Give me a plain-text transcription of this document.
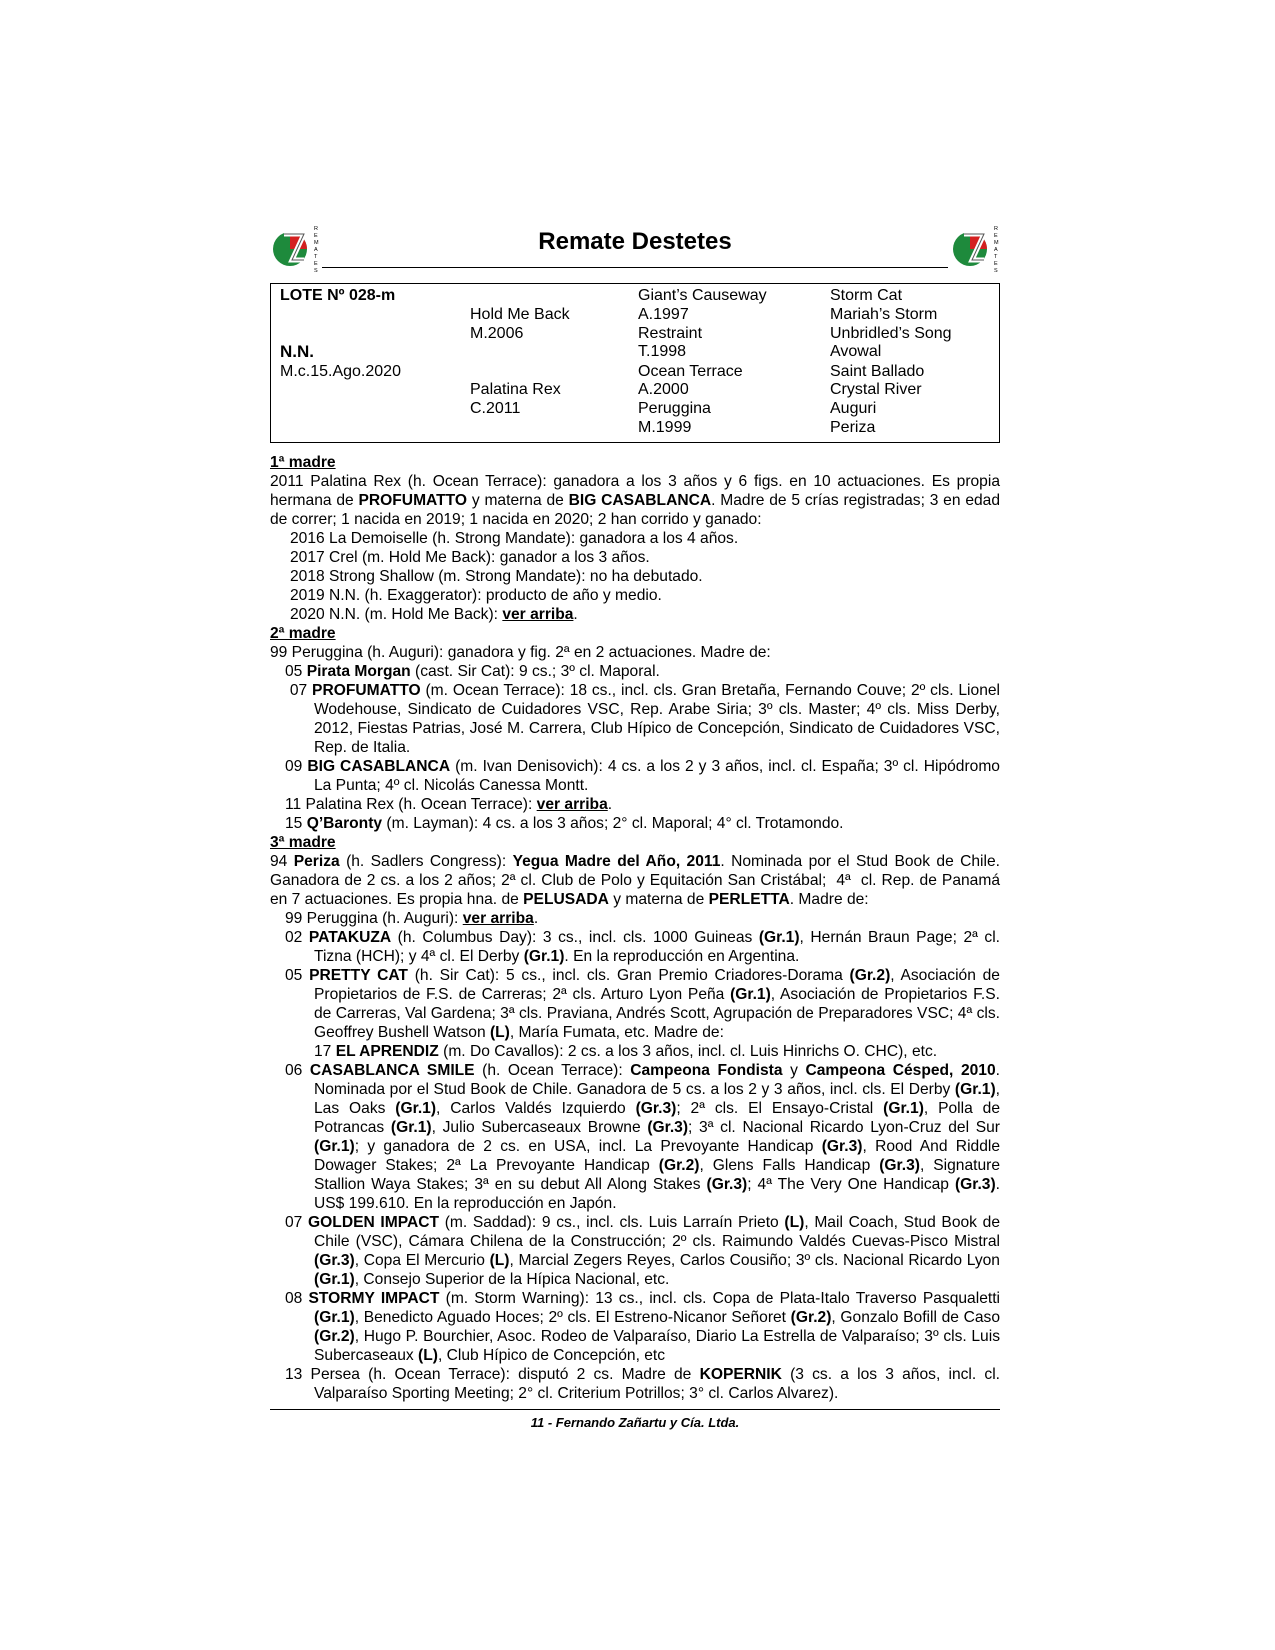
R
E
M
A
T
E
S
Remate Destetes	R
E
M
A
T
E
S
LOTE Nº 028-m
N.N.
M.c.15.Ago.2020
Hold Me Back
M.2006
Palatina Rex
C.2011
Giant’s Causeway
A.1997
Restraint
T.1998
Ocean Terrace
A.2000
Peruggina
M.1999
Storm Cat
Mariah’s Storm
Unbridled’s Song
Avowal
Saint Ballado
Crystal River
Auguri
Periza
1ª madre
2011 Palatina Rex (h. Ocean Terrace): ganadora a los 3 años y 6 figs. en 10 actuaciones. Es propia hermana de PROFUMATTO y materna de BIG CASABLANCA. Madre de 5 crías registradas; 3 en edad de correr; 1 nacida en 2019; 1 nacida en 2020; 2 han corrido y ganado:
2016 La Demoiselle (h. Strong Mandate): ganadora a los 4 años.
2017 Crel (m. Hold Me Back): ganador a los 3 años.
2018 Strong Shallow (m. Strong Mandate): no ha debutado.
2019 N.N. (h. Exaggerator): producto de año y medio.
2020 N.N. (m. Hold Me Back): ver arriba.
2ª madre
99 Peruggina (h. Auguri): ganadora y fig. 2ª en 2 actuaciones. Madre de:
05 Pirata Morgan (cast. Sir Cat): 9 cs.; 3º cl. Maporal.
07 PROFUMATTO (m. Ocean Terrace): 18 cs., incl. cls. Gran Bretaña, Fernando Couve; 2º cls. Lionel Wodehouse, Sindicato de Cuidadores VSC, Rep. Arabe Siria; 3º cls. Master; 4º cls. Miss Derby, 2012, Fiestas Patrias, José M. Carrera, Club Hípico de Concepción, Sindicato de Cuidadores VSC, Rep. de Italia.
09 BIG CASABLANCA (m. Ivan Denisovich): 4 cs. a los 2 y 3 años, incl. cl. España; 3º cl. Hipódromo La Punta; 4º cl. Nicolás Canessa Montt.
11 Palatina Rex (h. Ocean Terrace): ver arriba.
15 Q’Baronty (m. Layman): 4 cs. a los 3 años; 2° cl. Maporal; 4° cl. Trotamondo.
3ª madre
94 Periza (h. Sadlers Congress): Yegua Madre del Año, 2011. Nominada por el Stud Book de Chile. Ganadora de 2 cs. a los 2 años; 2ª cl. Club de Polo y Equitación San Cristábal;  4ª  cl. Rep. de Panamá en 7 actuaciones. Es propia hna. de PELUSADA y materna de PERLETTA. Madre de:
99 Peruggina (h. Auguri): ver arriba.
02 PATAKUZA (h. Columbus Day): 3 cs., incl. cls. 1000 Guineas (Gr.1), Hernán Braun Page; 2ª cl. Tizna (HCH); y 4ª cl. El Derby (Gr.1). En la reproducción en Argentina.
05 PRETTY CAT (h. Sir Cat): 5 cs., incl. cls. Gran Premio Criadores-Dorama (Gr.2), Asociación de Propietarios de F.S. de Carreras; 2ª cls. Arturo Lyon Peña (Gr.1), Asociación de Propietarios F.S. de Carreras, Val Gardena; 3ª cls. Praviana, Andrés Scott, Agrupación de Preparadores VSC; 4ª cls. Geoffrey Bushell Watson (L), María Fumata, etc. Madre de:
17 EL APRENDIZ (m. Do Cavallos): 2 cs. a los 3 años, incl. cl. Luis Hinrichs O. CHC), etc.
06 CASABLANCA SMILE (h. Ocean Terrace): Campeona Fondista y Campeona Césped, 2010. Nominada por el Stud Book de Chile. Ganadora de 5 cs. a los 2 y 3 años, incl. cls. El Derby (Gr.1), Las Oaks (Gr.1), Carlos Valdés Izquierdo (Gr.3); 2ª cls. El Ensayo-Cristal (Gr.1), Polla de Potrancas (Gr.1), Julio Subercaseaux Browne (Gr.3); 3ª cl. Nacional Ricardo Lyon-Cruz del Sur (Gr.1); y ganadora de 2 cs. en USA, incl. La Prevoyante Handicap (Gr.3), Rood And Riddle Dowager Stakes; 2ª La Prevoyante Handicap (Gr.2), Glens Falls Handicap (Gr.3), Signature Stallion Waya Stakes; 3ª en su debut All Along Stakes (Gr.3); 4ª The Very One Handicap (Gr.3). US$ 199.610. En la reproducción en Japón.
07 GOLDEN IMPACT (m. Saddad): 9 cs., incl. cls. Luis Larraín Prieto (L), Mail Coach, Stud Book de Chile (VSC), Cámara Chilena de la Construcción; 2º cls. Raimundo Valdés Cuevas-Pisco Mistral (Gr.3), Copa El Mercurio (L), Marcial Zegers Reyes, Carlos Cousiño; 3º cls. Nacional Ricardo Lyon (Gr.1), Consejo Superior de la Hípica Nacional, etc.
08 STORMY IMPACT (m. Storm Warning): 13 cs., incl. cls. Copa de Plata-Italo Traverso Pasqualetti (Gr.1), Benedicto Aguado Hoces; 2º cls. El Estreno-Nicanor Señoret (Gr.2), Gonzalo Bofill de Caso (Gr.2), Hugo P. Bourchier, Asoc. Rodeo de Valparaíso, Diario La Estrella de Valparaíso; 3º cls. Luis Subercaseaux (L), Club Hípico de Concepción, etc
13 Persea (h. Ocean Terrace): disputó 2 cs. Madre de KOPERNIK (3 cs. a los 3 años, incl. cl. Valparaíso Sporting Meeting; 2° cl. Criterium Potrillos; 3° cl. Carlos Alvarez).
11 - Fernando Zañartu y Cía. Ltda.
